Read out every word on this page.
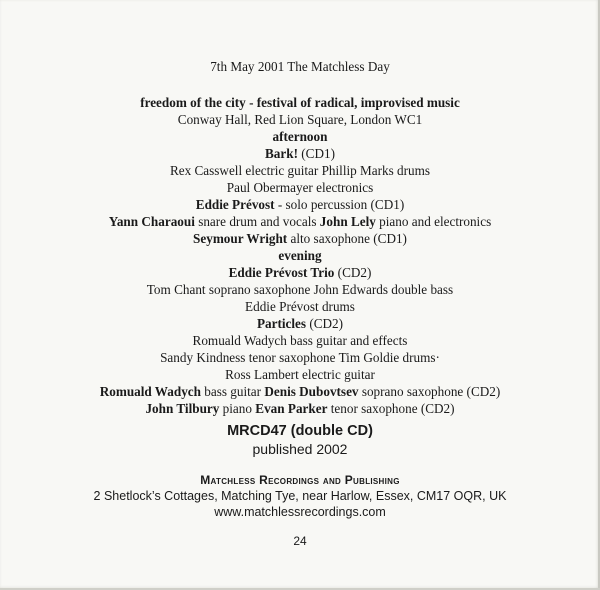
7th May 2001 The Matchless Day
freedom of the city - festival of radical, improvised music
Conway Hall, Red Lion Square, London WC1
afternoon
Bark! (CD1)
Rex Casswell electric guitar Phillip Marks drums
Paul Obermayer electronics
Eddie Prévost - solo percussion (CD1)
Yann Charaoui snare drum and vocals John Lely piano and electronics
Seymour Wright alto saxophone (CD1)
evening
Eddie Prévost Trio (CD2)
Tom Chant soprano saxophone John Edwards double bass
Eddie Prévost drums
Particles (CD2)
Romuald Wadych bass guitar and effects
Sandy Kindness tenor saxophone Tim Goldie drums·
Ross Lambert electric guitar
Romuald Wadych bass guitar Denis Dubovtsev soprano saxophone (CD2)
John Tilbury piano Evan Parker tenor saxophone (CD2)
MRCD47 (double CD)
published 2002
Matchless Recordings and Publishing
2 Shetlock’s Cottages, Matching Tye, near Harlow, Essex, CM17 OQR, UK
www.matchlessrecordings.com
24
